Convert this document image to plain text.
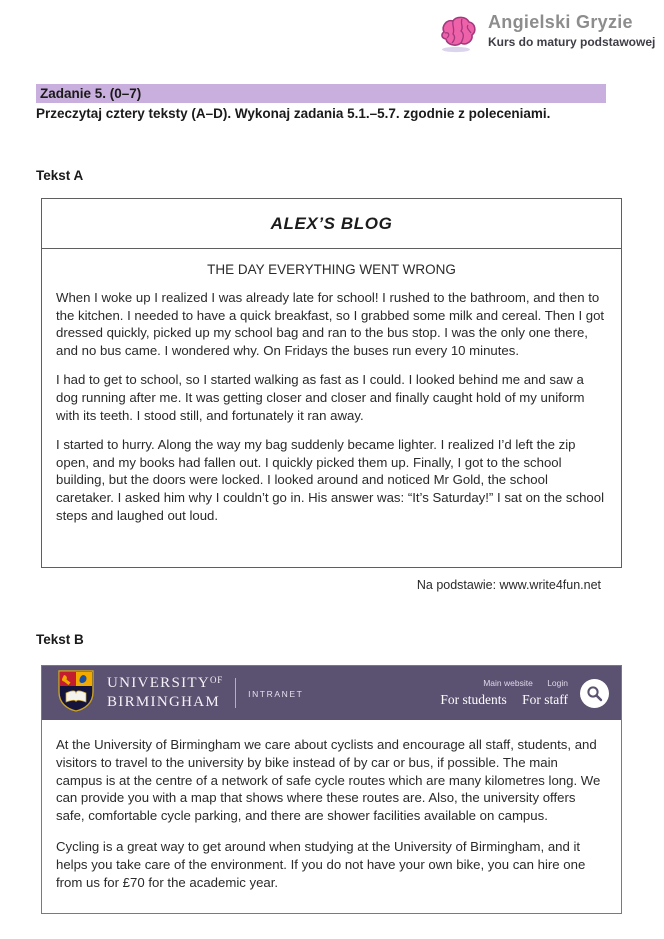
Angielski Gryzie
Kurs do matury podstawowej
Zadanie 5. (0–7)

Przeczytaj cztery teksty (A–D). Wykonaj zadania 5.1.–5.7. zgodnie z poleceniami.

Tekst A
ALEX’S BLOG
THE DAY EVERYTHING WENT WRONG

When I woke up I realized I was already late for school! I rushed to the bathroom, and then to the kitchen. I needed to have a quick breakfast, so I grabbed some milk and cereal. Then I got dressed quickly, picked up my school bag and ran to the bus stop. I was the only one there, and no bus came. I wondered why. On Fridays the buses run every 10 minutes.

I had to get to school, so I started walking as fast as I could. I looked behind me and saw a dog running after me. It was getting closer and closer and finally caught hold of my uniform with its teeth. I stood still, and fortunately it ran away.

I started to hurry. Along the way my bag suddenly became lighter. I realized I’d left the zip open, and my books had fallen out. I quickly picked them up. Finally, I got to the school building, but the doors were locked. I looked around and noticed Mr Gold, the school caretaker. I asked him why I couldn’t go in. His answer was: “It’s Saturday!” I sat on the school steps and laughed out loud.

Na podstawie: www.write4fun.net
Tekst B
$UNIVERSITY^{OF}$
BIRMINGHAM	INTRANET
Main website Login
For students For staff

At the University of Birmingham we care about cyclists and encourage all staff, students, and visitors to travel to the university by bike instead of by car or bus, if possible. The main campus is at the centre of a network of safe cycle routes which are many kilometres long. We can provide you with a map that shows where these routes are. Also, the university offers safe, comfortable cycle parking, and there are shower facilities available on campus.

Cycling is a great way to get around when studying at the University of Birmingham, and it helps you take care of the environment. If you do not have your own bike, you can hire one from us for £70 for the academic year.
